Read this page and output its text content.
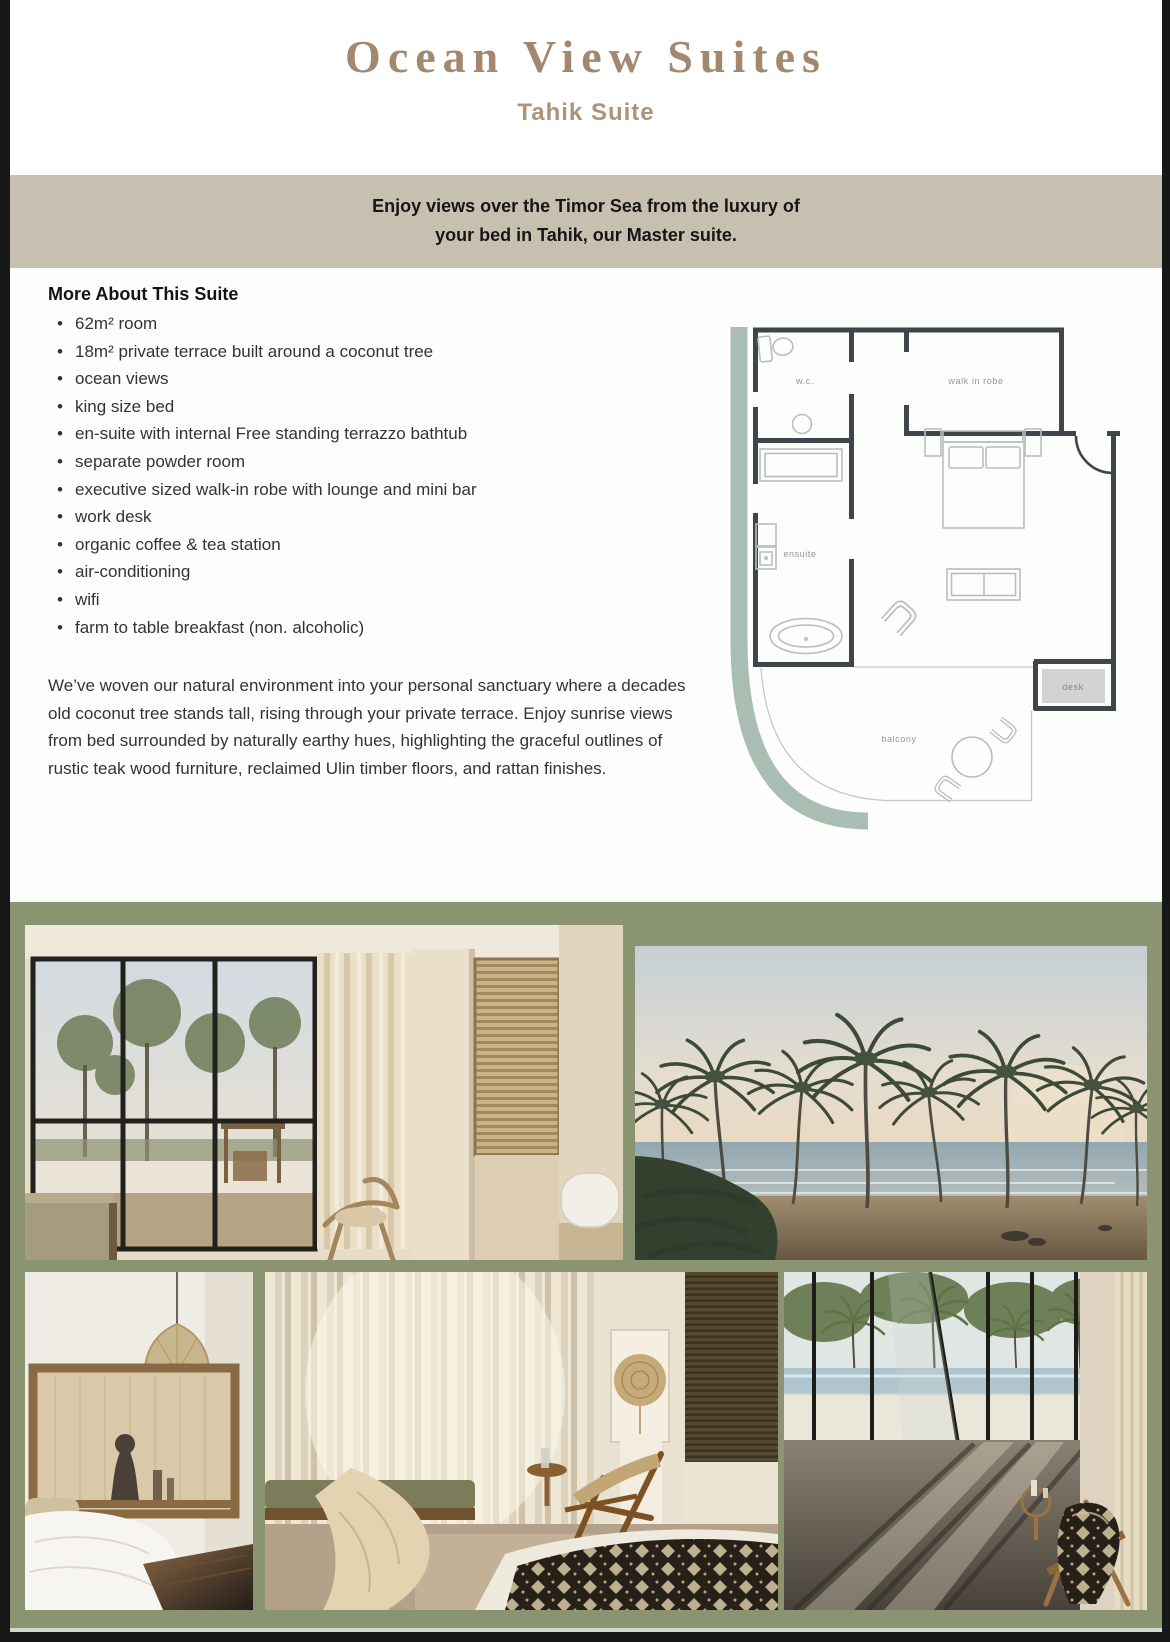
Ocean View Suites
Tahik Suite
Enjoy views over the Timor Sea from the luxury of
your bed in Tahik, our Master suite.
More About This Suite
• 62m² room
• 18m² private terrace built around a coconut tree
• ocean views
• king size bed
• en-suite with internal Free standing terrazzo bathtub
• separate powder room
• executive sized walk-in robe with lounge and mini bar
• work desk
• organic coffee & tea station
• air-conditioning
• wifi
• farm to table breakfast (non. alcoholic)
We’ve woven our natural environment into your personal sanctuary where a decades old coconut tree stands tall, rising through your private terrace. Enjoy sunrise views from bed surrounded by naturally earthy hues, highlighting the graceful outlines of rustic teak wood furniture, reclaimed Ulin timber floors, and rattan finishes.
w.c.	walk in robe
ensuite
desk
balcony
